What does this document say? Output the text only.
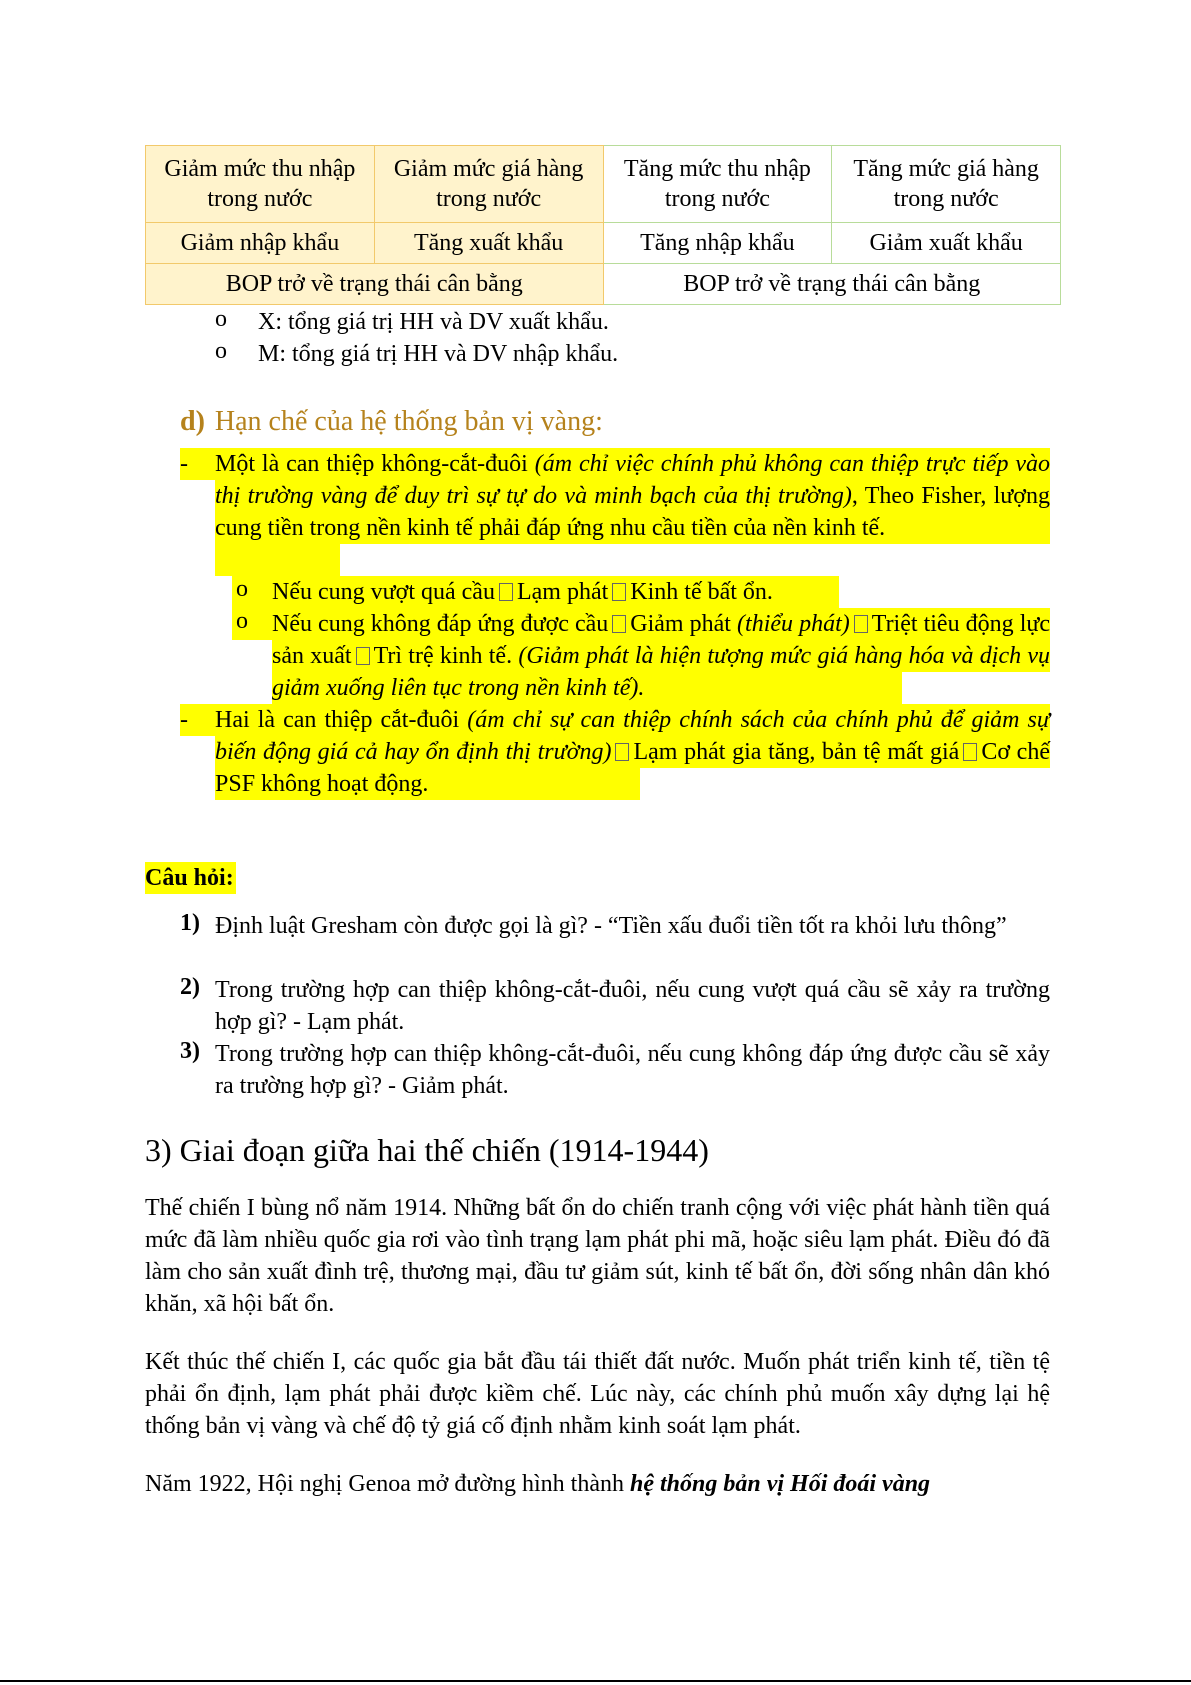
Giảm mức thu nhập trong nước	Giảm mức giá hàng trong nước	Tăng mức thu nhập trong nước	Tăng mức giá hàng trong nước
Giảm nhập khẩu	Tăng xuất khẩu	Tăng nhập khẩu	Giảm xuất khẩu
BOP trở về trạng thái cân bằng		BOP trở về trạng thái cân bằng	
o X: tổng giá trị HH và DV xuất khẩu.
o M: tổng giá trị HH và DV nhập khẩu.
d) Hạn chế của hệ thống bản vị vàng:
- Một là can thiệp không-cắt-đuôi (ám chỉ việc chính phủ không can thiệp trực tiếp vào thị trường vàng để duy trì sự tự do và minh bạch của thị trường), Theo Fisher, lượng cung tiền trong nền kinh tế phải đáp ứng nhu cầu tiền của nền kinh tế.
o Nếu cung vượt quá cầu Lạm phát Kinh tế bất ổn.
o Nếu cung không đáp ứng được cầu Giảm phát (thiểu phát) Triệt tiêu động lực sản xuất Trì trệ kinh tế. (Giảm phát là hiện tượng mức giá hàng hóa và dịch vụ giảm xuống liên tục trong nền kinh tế).
- Hai là can thiệp cắt-đuôi (ám chỉ sự can thiệp chính sách của chính phủ để giảm sự biến động giá cả hay ổn định thị trường) Lạm phát gia tăng, bản tệ mất giá Cơ chế PSF không hoạt động.
Câu hỏi:
1) Định luật Gresham còn được gọi là gì? - “Tiền xấu đuổi tiền tốt ra khỏi lưu thông”
2) Trong trường hợp can thiệp không-cắt-đuôi, nếu cung vượt quá cầu sẽ xảy ra trường hợp gì? - Lạm phát.
3) Trong trường hợp can thiệp không-cắt-đuôi, nếu cung không đáp ứng được cầu sẽ xảy ra trường hợp gì? - Giảm phát.
3) Giai đoạn giữa hai thế chiến (1914-1944)
Thế chiến I bùng nổ năm 1914. Những bất ổn do chiến tranh cộng với việc phát hành tiền quá mức đã làm nhiều quốc gia rơi vào tình trạng lạm phát phi mã, hoặc siêu lạm phát. Điều đó đã làm cho sản xuất đình trệ, thương mại, đầu tư giảm sút, kinh tế bất ổn, đời sống nhân dân khó khăn, xã hội bất ổn.
Kết thúc thế chiến I, các quốc gia bắt đầu tái thiết đất nước. Muốn phát triển kinh tế, tiền tệ phải ổn định, lạm phát phải được kiềm chế. Lúc này, các chính phủ muốn xây dựng lại hệ thống bản vị vàng và chế độ tỷ giá cố định nhằm kinh soát lạm phát.
Năm 1922, Hội nghị Genoa mở đường hình thành hệ thống bản vị Hối đoái vàng
